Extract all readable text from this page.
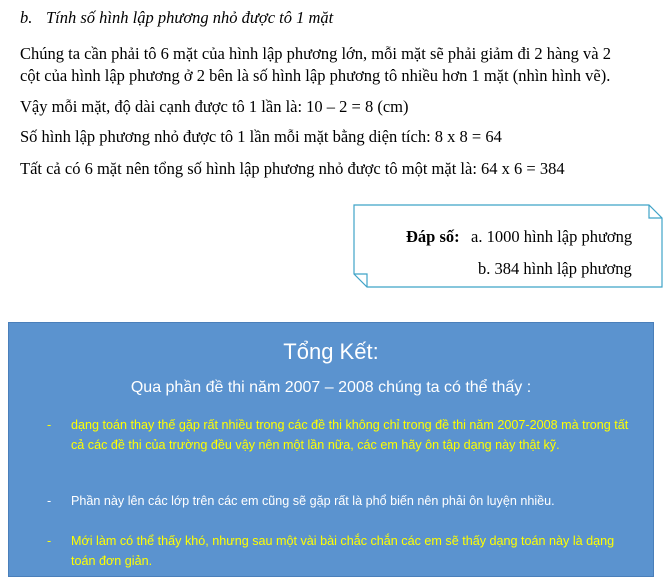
b. Tính số hình lập phương nhỏ được tô 1 mặt
Chúng ta cần phải tô 6 mặt của hình lập phương lớn, mỗi mặt sẽ phải giảm đi 2 hàng và 2
cột của hình lập phương ở 2 bên là số hình lập phương tô nhiều hơn 1 mặt (nhìn hình vẽ).
Vậy mỗi mặt, độ dài cạnh được tô 1 lần là: 10 – 2 = 8 (cm)
Số hình lập phương nhỏ được tô 1 lần mỗi mặt bằng diện tích: 8 x 8 = 64
Tất cả có 6 mặt nên tổng số hình lập phương nhỏ được tô một mặt là: 64 x 6 = 384
Đáp số: a. 1000 hình lập phương
b. 384 hình lập phương
Tổng Kết:
Qua phần đề thi năm 2007 – 2008 chúng ta có thể thấy :
- dạng toán thay thế gặp rất nhiều trong các đề thi không chỉ trong đề thi năm 2007-2008 mà trong tất cả các đề thi của trường đều vậy nên một lần nữa, các em hãy ôn tập dạng này thật kỹ.
- Phần này lên các lớp trên các em cũng sẽ gặp rất là phổ biến nên phải ôn luyện nhiều.
- Mới làm có thể thấy khó, nhưng sau một vài bài chắc chắn các em sẽ thấy dạng toán này là dạng toán đơn giản.
